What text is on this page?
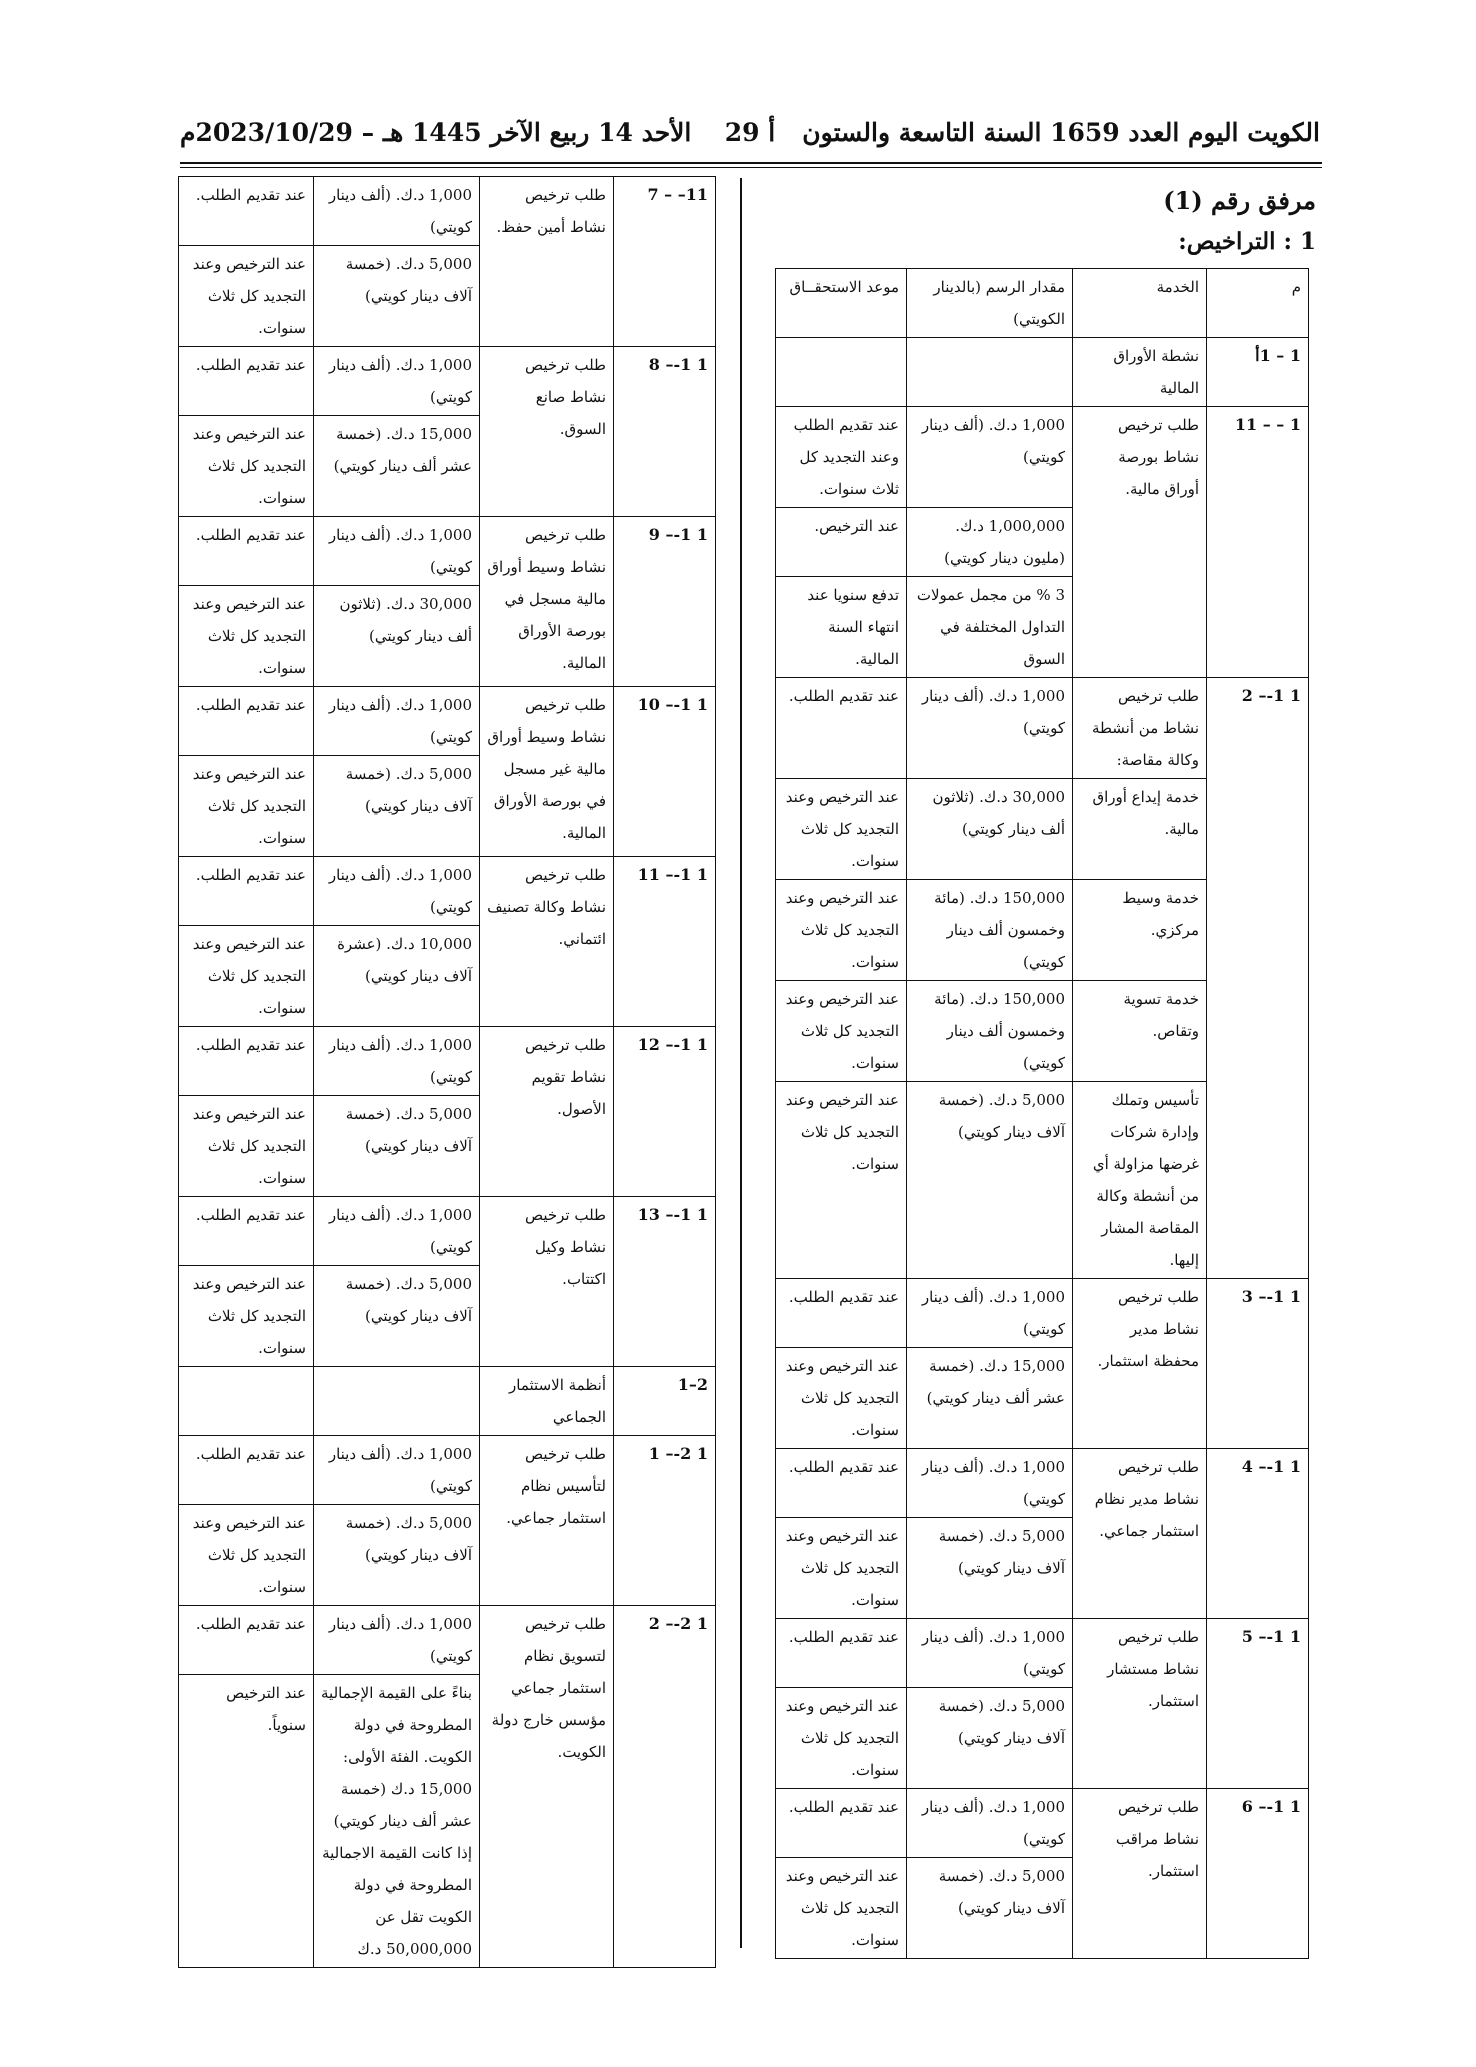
الكويت اليوم العدد 1659 السنة التاسعة والستون
أ 29
الأحد 14 ربيع الآخر 1445 هـ – 2023/10/29م
مرفق رقم (1)
1 : التراخيص:
م	الخدمة	مقدار الرسم (بالدينار الكويتي)	موعد الاستحقــاق
1 – 1أ	نشطة الأوراق المالية		
1 – – 11	طلب ترخيص نشاط بورصة أوراق مالية.	1,000 د.ك. (ألف دينار كويتي)	عند تقديم الطلب وعند التجديد كل ثلاث سنوات.
		1,000,000 د.ك. (مليون دينار كويتي)	عند الترخيص.
		3 % من مجمل عمولات التداول المختلفة في السوق	تدفع سنويا عند انتهاء السنة المالية.
1 1-– 2	طلب ترخيص نشاط من أنشطة وكالة مقاصة:	1,000 د.ك. (ألف دينار كويتي)	عند تقديم الطلب.
	خدمة إيداع أوراق مالية.	30,000 د.ك. (ثلاثون ألف دينار كويتي)	عند الترخيص وعند التجديد كل ثلاث سنوات.
	خدمة وسيط مركزي.	150,000 د.ك. (مائة وخمسون ألف دينار كويتي)	عند الترخيص وعند التجديد كل ثلاث سنوات.
	خدمة تسوية وتقاص.	150,000 د.ك. (مائة وخمسون ألف دينار كويتي)	عند الترخيص وعند التجديد كل ثلاث سنوات.
	تأسيس وتملك وإدارة شركات غرضها مزاولة أي من أنشطة وكالة المقاصة المشار إليها.	5,000 د.ك. (خمسة آلاف دينار كويتي)	عند الترخيص وعند التجديد كل ثلاث سنوات.
1 1-– 3	طلب ترخيص نشاط مدير محفظة استثمار.	1,000 د.ك. (ألف دينار كويتي)	عند تقديم الطلب.
		15,000 د.ك. (خمسة عشر ألف دينار كويتي)	عند الترخيص وعند التجديد كل ثلاث سنوات.
1 1-– 4	طلب ترخيص نشاط مدير نظام استثمار جماعي.	1,000 د.ك. (ألف دينار كويتي)	عند تقديم الطلب.
		5,000 د.ك. (خمسة آلاف دينار كويتي)	عند الترخيص وعند التجديد كل ثلاث سنوات.
1 1-– 5	طلب ترخيص نشاط مستشار استثمار.	1,000 د.ك. (ألف دينار كويتي)	عند تقديم الطلب.
		5,000 د.ك. (خمسة آلاف دينار كويتي)	عند الترخيص وعند التجديد كل ثلاث سنوات.
1 1-– 6	طلب ترخيص نشاط مراقب استثمار.	1,000 د.ك. (ألف دينار كويتي)	عند تقديم الطلب.
		5,000 د.ك. (خمسة آلاف دينار كويتي)	عند الترخيص وعند التجديد كل ثلاث سنوات.
11– – 7	طلب ترخيص نشاط أمين حفظ.	1,000 د.ك. (ألف دينار كويتي)	عند تقديم الطلب.
		5,000 د.ك. (خمسة آلاف دينار كويتي)	عند الترخيص وعند التجديد كل ثلاث سنوات.
1 1-– 8	طلب ترخيص نشاط صانع السوق.	1,000 د.ك. (ألف دينار كويتي)	عند تقديم الطلب.
		15,000 د.ك. (خمسة عشر ألف دينار كويتي)	عند الترخيص وعند التجديد كل ثلاث سنوات.
1 1-– 9	طلب ترخيص نشاط وسيط أوراق مالية مسجل في بورصة الأوراق المالية.	1,000 د.ك. (ألف دينار كويتي)	عند تقديم الطلب.
		30,000 د.ك. (ثلاثون ألف دينار كويتي)	عند الترخيص وعند التجديد كل ثلاث سنوات.
1 1-– 10	طلب ترخيص نشاط وسيط أوراق مالية غير مسجل في بورصة الأوراق المالية.	1,000 د.ك. (ألف دينار كويتي)	عند تقديم الطلب.
		5,000 د.ك. (خمسة آلاف دينار كويتي)	عند الترخيص وعند التجديد كل ثلاث سنوات.
1 1-– 11	طلب ترخيص نشاط وكالة تصنيف ائتماني.	1,000 د.ك. (ألف دينار كويتي)	عند تقديم الطلب.
		10,000 د.ك. (عشرة آلاف دينار كويتي)	عند الترخيص وعند التجديد كل ثلاث سنوات.
1 1-– 12	طلب ترخيص نشاط تقويم الأصول.	1,000 د.ك. (ألف دينار كويتي)	عند تقديم الطلب.
		5,000 د.ك. (خمسة آلاف دينار كويتي)	عند الترخيص وعند التجديد كل ثلاث سنوات.
1 1-– 13	طلب ترخيص نشاط وكيل اكتتاب.	1,000 د.ك. (ألف دينار كويتي)	عند تقديم الطلب.
		5,000 د.ك. (خمسة آلاف دينار كويتي)	عند الترخيص وعند التجديد كل ثلاث سنوات.
2–1	أنظمة الاستثمار الجماعي		
1 2-– 1	طلب ترخيص لتأسيس نظام استثمار جماعي.	1,000 د.ك. (ألف دينار كويتي)	عند تقديم الطلب.
		5,000 د.ك. (خمسة آلاف دينار كويتي)	عند الترخيص وعند التجديد كل ثلاث سنوات.
1 2-– 2	طلب ترخيص لتسويق نظام استثمار جماعي مؤسس خارج دولة الكويت.	1,000 د.ك. (ألف دينار كويتي)	عند تقديم الطلب.
		بناءً على القيمة الإجمالية المطروحة في دولة الكويت. الفئة الأولى: 15,000 د.ك (خمسة عشر ألف دينار كويتي) إذا كانت القيمة الاجمالية المطروحة في دولة الكويت تقل عن 50,000,000 د.ك	عند الترخيص سنوياً.
